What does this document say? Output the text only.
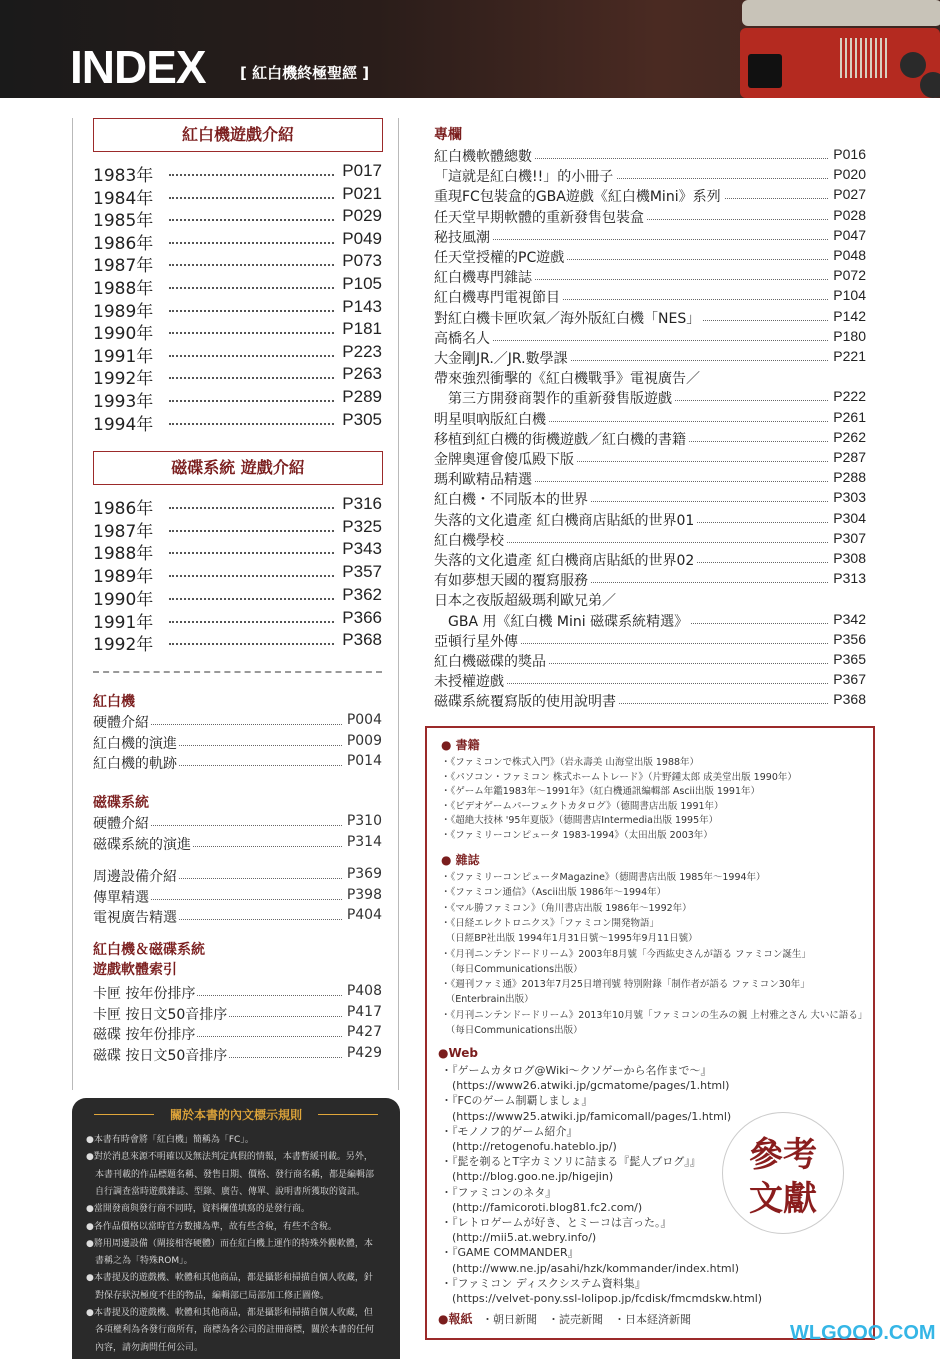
INDEX [ 紅白機終極聖經 ]
紅白機遊戲介紹
1983年	P017
1984年	P021
1985年	P029
1986年	P049
1987年	P073
1988年	P105
1989年	P143
1990年	P181
1991年	P223
1992年	P263
1993年	P289
1994年	P305
磁碟系統 遊戲介紹
1986年	P316
1987年	P325
1988年	P343
1989年	P357
1990年	P362
1991年	P366
1992年	P368
紅白機
硬體介紹	P004
紅白機的演進	P009
紅白機的軌跡	P014
磁碟系統
硬體介紹	P310
磁碟系統的演進	P314
周邊設備介紹	P369
傳單精選	P398
電視廣告精選	P404
紅白機＆磁碟系統
遊戲軟體索引
卡匣 按年份排序	P408
卡匣 按日文50音排序	P417
磁碟 按年份排序	P427
磁碟 按日文50音排序	P429
專欄
紅白機軟體總數	P016
「這就是紅白機!!」的小冊子	P020
重現FC包裝盒的GBA遊戲《紅白機Mini》系列	P027
任天堂早期軟體的重新發售包裝盒	P028
秘技風潮	P047
任天堂授權的PC遊戲	P048
紅白機專門雜誌	P072
紅白機專門電視節目	P104
對紅白機卡匣吹氣／海外版紅白機「NES」	P142
高橋名人	P180
大金剛JR.／JR.數學課	P221
帶來強烈衝擊的《紅白機戰爭》電視廣告／
　第三方開發商製作的重新發售版遊戲	P222
明星唄吶版紅白機	P261
移植到紅白機的街機遊戲／紅白機的書籍	P262
金牌奧運會傻瓜殿下版	P287
瑪利歐精品精選	P288
紅白機・不同版本的世界	P303
失落的文化遺產 紅白機商店貼紙的世界01	P304
紅白機學校	P307
失落的文化遺產 紅白機商店貼紙的世界02	P308
有如夢想天國的覆寫服務	P313
日本之夜版超級瑪利歐兄弟／
　GBA 用《紅白機 Mini 磁碟系統精選》	P342
亞頓行星外傳	P356
紅白機磁碟的獎品	P365
未授權遊戲	P367
磁碟系統覆寫版的使用說明書	P368
● 書籍
・《ファミコンで株式入門》（岩永壽美 山海堂出版 1988年）
・《パソコン・ファミコン 株式ホームトレード》（片野鍾太郎 成美堂出版 1990年）
・《ゲーム年鑑1983年～1991年》（紅白機通訊編輯部 Ascii出版 1991年）
・《ビデオゲームパーフェクトカタログ》（德間書店出版 1991年）
・《超絶大技林 '95年夏版》（德間書店Intermedia出版 1995年）
・《ファミリーコンピュータ 1983-1994》（太田出版 2003年）
● 雜誌
・《ファミリーコンピュータMagazine》（德間書店出版 1985年～1994年）
・《ファミコン通信》（Ascii出版 1986年～1994年）
・《マル勝ファミコン》（角川書店出版 1986年～1992年）
・《日経エレクトロニクス》「ファミコン開発物語」
　（日經BP社出版 1994年1月31日號～1995年9月11日號）
・《月刊ニンテンドードリーム》2003年8月號「今西紘史さんが語る ファミコン誕生」
　（每日Communications出版）
・《週刊ファミ通》2013年7月25日增刊號 特別附錄「制作者が語る ファミコン30年」
　（Enterbrain出版）
・《月刊ニンテンドードリーム》2013年10月號「ファミコンの生みの親 上村雅之さん 大いに語る」
　（每日Communications出版）
●Web
・『ゲームカタログ@Wiki～クソゲーから名作まで～』
　(https://www26.atwiki.jp/gcmatome/pages/1.html)
・『FCのゲーム制覇しましょ』
　(https://www25.atwiki.jp/famicomall/pages/1.html)
・『モノノフ的ゲーム紹介』
　(http://retogenofu.hateblo.jp/)
・『髭を剃るとT字カミソリに詰まる『髭人ブログ』』
　(http://blog.goo.ne.jp/higejin)
・『ファミコンのネタ』
　(http://famicoroti.blog81.fc2.com/)
・『レトロゲームが好き、とミーコは言った。』
　(http://mii5.at.webry.info/)
・『GAME COMMANDER』
　(http://www.ne.jp/asahi/hzk/kommander/index.html)
・『ファミコン ディスクシステム資料集』
　(https://velvet-pony.ssl-lolipop.jp/fcdisk/fmcmdskw.html)
●報紙 ・朝日新聞　・読売新聞　・日本経済新聞
參考
文獻
關於本書的內文標示規則
●本書有時會將「紅白機」簡稱為「FC」。
●對於消息來源不明確以及無法判定真假的情報，本書暫緩刊載。另外，
　本書刊載的作品標題名稱、發售日期、價格、發行商名稱，都是編輯部
　自行調查當時遊戲雜誌、型錄、廣告、傳單、說明書所獲取的資訊。
●當開發商與發行商不同時，資料欄僅填寫的是發行商。
●各作品價格以當時官方數據為準，故有些含稅，有些不含稅。
●將用周邊設備（閘接相容硬體）而在紅白機上運作的特殊外觀軟體，本
　書稱之為「特殊ROM」。
●本書提及的遊戲機、軟體和其他商品，都是攝影和掃描自個人收藏，針
　對保存狀況極度不佳的物品，編輯部已局部加工修正圖像。
●本書提及的遊戲機、軟體和其他商品，都是攝影和掃描自個人收藏，但
　各項權利為各發行商所有，商標為各公司的註冊商標，關於本書的任何
　內容，請勿詢問任何公司。
WLGOOO.COM
